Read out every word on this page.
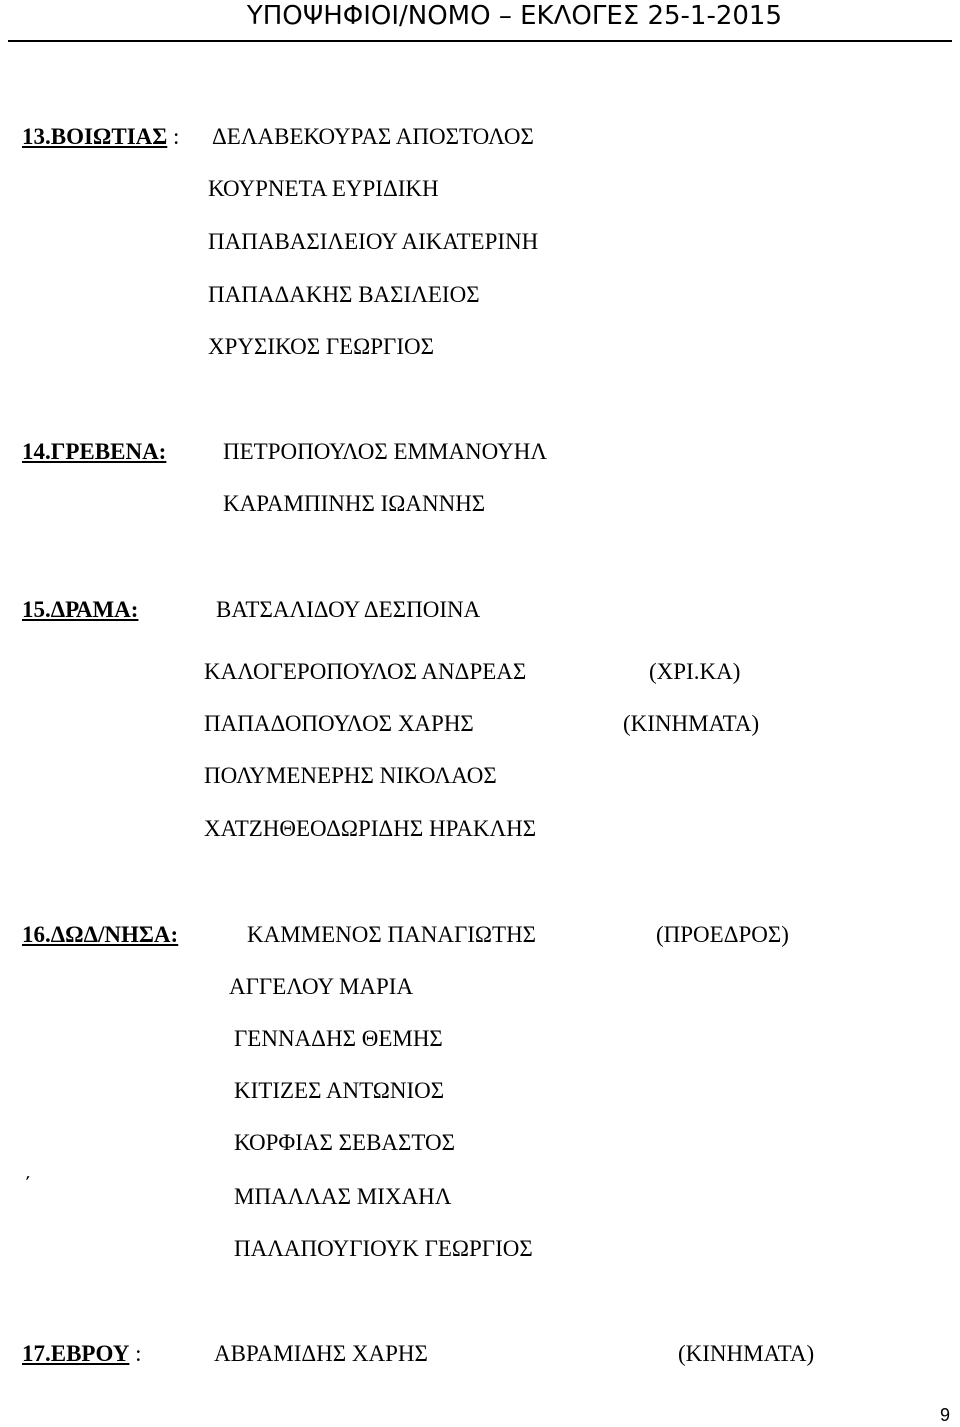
ΥΠΟΨΗΦΙΟΙ/ΝΟΜΟ – ΕΚΛΟΓΕΣ 25-1-2015
13.ΒΟΙΩΤΙΑΣ : ΔΕΛΑΒΕΚΟΥΡΑΣ ΑΠΟΣΤΟΛΟΣ
ΚΟΥΡΝΕΤΑ ΕΥΡΙΔΙΚΗ
ΠΑΠΑΒΑΣΙΛΕΙΟΥ ΑΙΚΑΤΕΡΙΝΗ
ΠΑΠΑΔΑΚΗΣ ΒΑΣΙΛΕΙΟΣ
ΧΡΥΣΙΚΟΣ ΓΕΩΡΓΙΟΣ
14.ΓΡΕΒΕΝΑ: ΠΕΤΡΟΠΟΥΛΟΣ ΕΜΜΑΝΟΥΗΛ
ΚΑΡΑΜΠΙΝΗΣ ΙΩΑΝΝΗΣ
15.ΔΡΑΜΑ:	ΒΑΤΣΑΛΙΔΟΥ ΔΕΣΠΟΙΝΑ
ΚΑΛΟΓΕΡΟΠΟΥΛΟΣ ΑΝΔΡΕΑΣ	(ΧΡΙ.ΚΑ)
ΠΑΠΑΔΟΠΟΥΛΟΣ ΧΑΡΗΣ	(ΚΙΝΗΜΑΤΑ)
ΠΟΛΥΜΕΝΕΡΗΣ ΝΙΚΟΛΑΟΣ
ΧΑΤΖΗΘΕΟΔΩΡΙΔΗΣ ΗΡΑΚΛΗΣ
16.ΔΩΔ/ΝΗΣΑ:	ΚΑΜΜΕΝΟΣ ΠΑΝΑΓΙΩΤΗΣ	(ΠΡΟΕΔΡΟΣ)
ΑΓΓΕΛΟΥ ΜΑΡΙΑ
ΓΕΝΝΑΔΗΣ ΘΕΜΗΣ
ΚΙΤΙΖΕΣ ΑΝΤΩΝΙΟΣ
ΚΟΡΦΙΑΣ ΣΕΒΑΣΤΟΣ
΄	ΜΠΑΛΛΑΣ ΜΙΧΑΗΛ
ΠΑΛΑΠΟΥΓΙΟΥΚ ΓΕΩΡΓΙΟΣ
17.ΕΒΡΟΥ :	ΑΒΡΑΜΙΔΗΣ ΧΑΡΗΣ	(ΚΙΝΗΜΑΤΑ)
9
